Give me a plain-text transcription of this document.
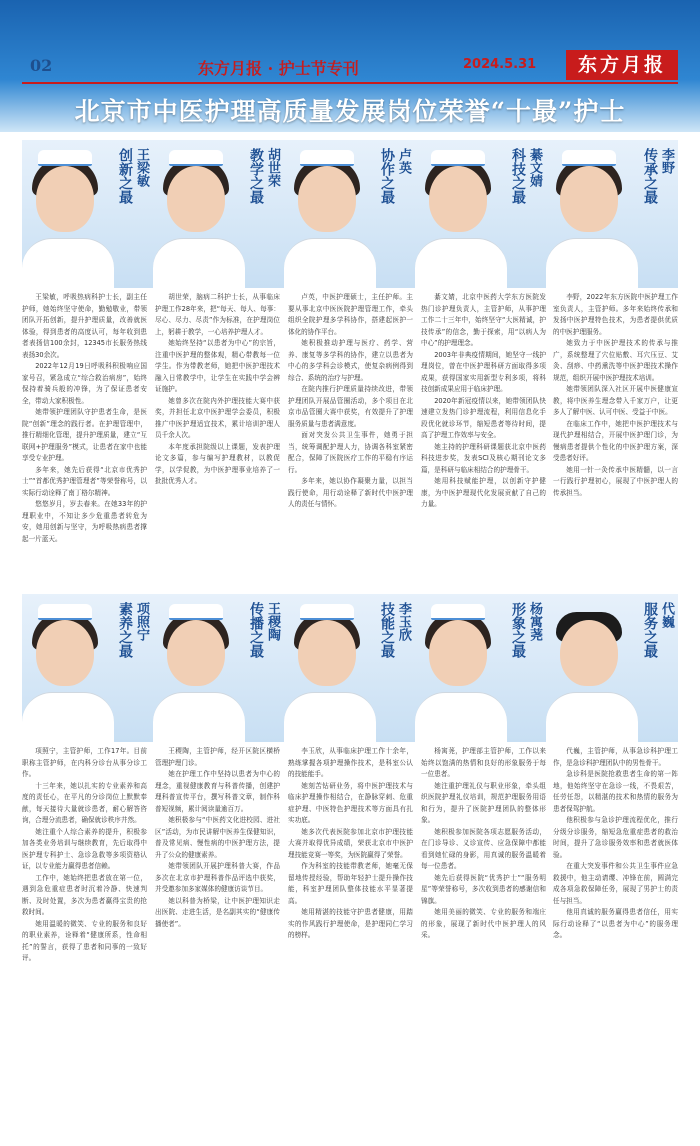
02	东方月报 · 护士节专刊	2024.5.31	东方月报
北京市中医护理高质量发展岗位荣誉“十最”护士
王梁敏
创新之最	胡世荣
教学之最	卢英
协作之最	綦文婧
科技之最	李野
传承之最

王梁敏，呼吸热病科护士长，副主任护师，她始终坚守使命，勤勉敬业，带领团队开拓创新，提升护理质量，改善就医体验，得到患者的高度认可，每年收到患者表扬信100余封，12345市长服务热线表扬30余次。

2022年12月19日呼吸科积极响应国家号召，紧急成立“综合救治病房”，始终保持着骑兵般的冲锋，为了保证患者安全，带动大家积极性。

她带领护理团队守护患者生命，是医院“创新”理念的践行者。在护理管理中，推行精细化管理，提升护理质量，建立“互联网+护理服务”模式，让患者在家中也能享受专业护理。

多年来，她先后获得“北京市优秀护士”“首都优秀护理管理者”等荣誉称号，以实际行动诠释了南丁格尔精神。

悠悠岁月，岁去春来。在她33年的护理职业中，不知让多少危重患者转危为安，她用创新与坚守，为呼吸热病患者撑起一片蓝天。

胡世荣，脑病二科护士长，从事临床护理工作28年来，把“每天、每人、每事：尽心、尽力、尽责”作为标准，在护理岗位上，躬耕于教学，一心培养护理人才。

她始终坚持“以患者为中心”的宗旨，注重中医护理的整体观，精心带教每一位学生。作为带教老师，她把中医护理技术融入日常教学中，让学生在实践中学会辨证施护。

她曾多次在院内外护理技能大赛中获奖，并担任北京中医护理学会委员，积极推广中医护理适宜技术，累计培训护理人员千余人次。

本年度承担院级以上课题，发表护理论文多篇，参与编写护理教材，以教促学，以学促教，为中医护理事业培养了一批批优秀人才。

卢英，中医护理硕士，主任护师。主要从事北京中医医院护理管理工作，牵头组织全院护理多学科协作，搭建起医护一体化的协作平台。

她积极推动护理与医疗、药学、营养、康复等多学科的协作，建立以患者为中心的多学科会诊模式，使复杂病例得到综合、系统的治疗与护理。

在院内推行护理质量持续改进，带领护理团队开展品管圈活动，多个项目在北京市品管圈大赛中获奖，有效提升了护理服务质量与患者满意度。

面对突发公共卫生事件，她勇于担当，统筹调配护理人力，协调各科室紧密配合，保障了医院医疗工作的平稳有序运行。

多年来，她以协作凝聚力量，以担当践行使命，用行动诠释了新时代中医护理人的责任与情怀。

綦文婧，北京中医药大学东方医院发热门诊护理负责人，主管护师，从事护理工作二十三年中，始终坚守“大医精诚，护技传承”的信念，勤于探索，用“以病人为中心”的护理理念。

2003年非典疫情期间，她坚守一线护理岗位，曾在中医护理科研方面取得多项成果，获得国家实用新型专利多项，将科技创新成果应用于临床护理。

2020年新冠疫情以来，她带领团队快速建立发热门诊护理流程，利用信息化手段优化就诊环节，缩短患者等待时间，提高了护理工作效率与安全。

她主持的护理科研课题获北京中医药科技进步奖，发表SCI及核心期刊论文多篇，是科研与临床相结合的护理骨干。

她用科技赋能护理，以创新守护健康，为中医护理现代化发展贡献了自己的力量。

李野，2022年东方医院中医护理工作室负责人，主管护师。多年来始终传承和发扬中医护理特色技术，为患者提供优质的中医护理服务。

她致力于中医护理技术的传承与推广，系统整理了穴位贴敷、耳穴压豆、艾灸、刮痧、中药熏洗等中医护理技术操作规范，组织开展中医护理技术培训。

她带领团队深入社区开展中医健康宣教，将中医养生理念带入千家万户，让更多人了解中医、认可中医、受益于中医。

在临床工作中，她把中医护理技术与现代护理相结合，开展中医护理门诊，为慢病患者提供个性化的中医护理方案，深受患者好评。

她用一针一灸传承中医精髓，以一言一行践行护理初心，展现了中医护理人的传承担当。

项照宁
素养之最	王稷陶
传播之最	李玉欣
技能之最	杨寓荛
形象之最	代巍
服务之最

项照宁，主管护师，工作17年。目前职称主管护师，在内科分诊台从事分诊工作。

十三年来，她以扎实的专业素养和高度的责任心，在平凡的分诊岗位上默默奉献，每天接待大量就诊患者，耐心解答咨询，合理分流患者，确保就诊秩序井然。

她注重个人综合素养的提升，积极参加各类业务培训与继续教育，先后取得中医护理专科护士、急诊急救等多项资格认证，以专业能力赢得患者信赖。

工作中，她始终把患者放在第一位，遇到急危重症患者时沉着冷静、快速判断、及时处置，多次为患者赢得宝贵的抢救时间。

她用温暖的微笑、专业的服务和良好的职业素养，诠释着“健康所系，性命相托”的誓言，获得了患者和同事的一致好评。

王稷陶，主管护师，经开区院区横桥管理护理门诊。

她在护理工作中坚持以患者为中心的理念，重视健康教育与科普传播，创建护理科普宣传平台，撰写科普文章，制作科普短视频，累计阅读量逾百万。

她积极参与“中医药文化进校园、进社区”活动，为市民讲解中医养生保健知识，普及常见病、慢性病的中医护理方法，提升了公众的健康素养。

她带领团队开展护理科普大赛，作品多次在北京市护理科普作品评选中获奖，并受邀参加多家媒体的健康访谈节目。

她以科普为桥梁，让中医护理知识走出医院、走进生活，是名副其实的“健康传播使者”。

李玉欣，从事临床护理工作十余年，熟练掌握各项护理操作技术，是科室公认的技能能手。

她刻苦钻研业务，将中医护理技术与临床护理操作相结合，在静脉穿刺、危重症护理、中医特色护理技术等方面具有扎实功底。

她多次代表医院参加北京市护理技能大赛并取得优异成绩，荣获北京市中医护理技能竞赛一等奖，为医院赢得了荣誉。

作为科室的技能带教老师，她毫无保留地传授经验，帮助年轻护士提升操作技能，科室护理团队整体技能水平显著提高。

她用精湛的技能守护患者健康，用踏实的作风践行护理使命，是护理同仁学习的榜样。

杨寓荛，护理部主管护师，工作以来始终以饱满的热情和良好的形象服务于每一位患者。

她注重护理礼仪与职业形象，牵头组织医院护理礼仪培训，规范护理服务用语和行为，提升了医院护理团队的整体形象。

她积极参加医院各项志愿服务活动，在门诊导诊、义诊宣传、应急保障中都能看到她忙碌的身影，用真诚的服务温暖着每一位患者。

她先后获得医院“优秀护士”“服务明星”等荣誉称号，多次收到患者的感谢信和锦旗。

她用美丽的微笑、专业的服务和端庄的形象，展现了新时代中医护理人的风采。

代巍，主管护师，从事急诊科护理工作，是急诊科护理团队中的男性骨干。

急诊科是医院抢救患者生命的第一阵地，他始终坚守在急诊一线，不畏艰苦，任劳任怨，以精湛的技术和热情的服务为患者保驾护航。

他积极参与急诊护理流程优化，推行分级分诊服务，缩短急危重症患者的救治时间，提升了急诊服务效率和患者就医体验。

在重大突发事件和公共卫生事件应急救援中，他主动请缨、冲锋在前，圆满完成各项急救保障任务，展现了男护士的责任与担当。

他用真诚的服务赢得患者信任，用实际行动诠释了“以患者为中心”的服务理念。
